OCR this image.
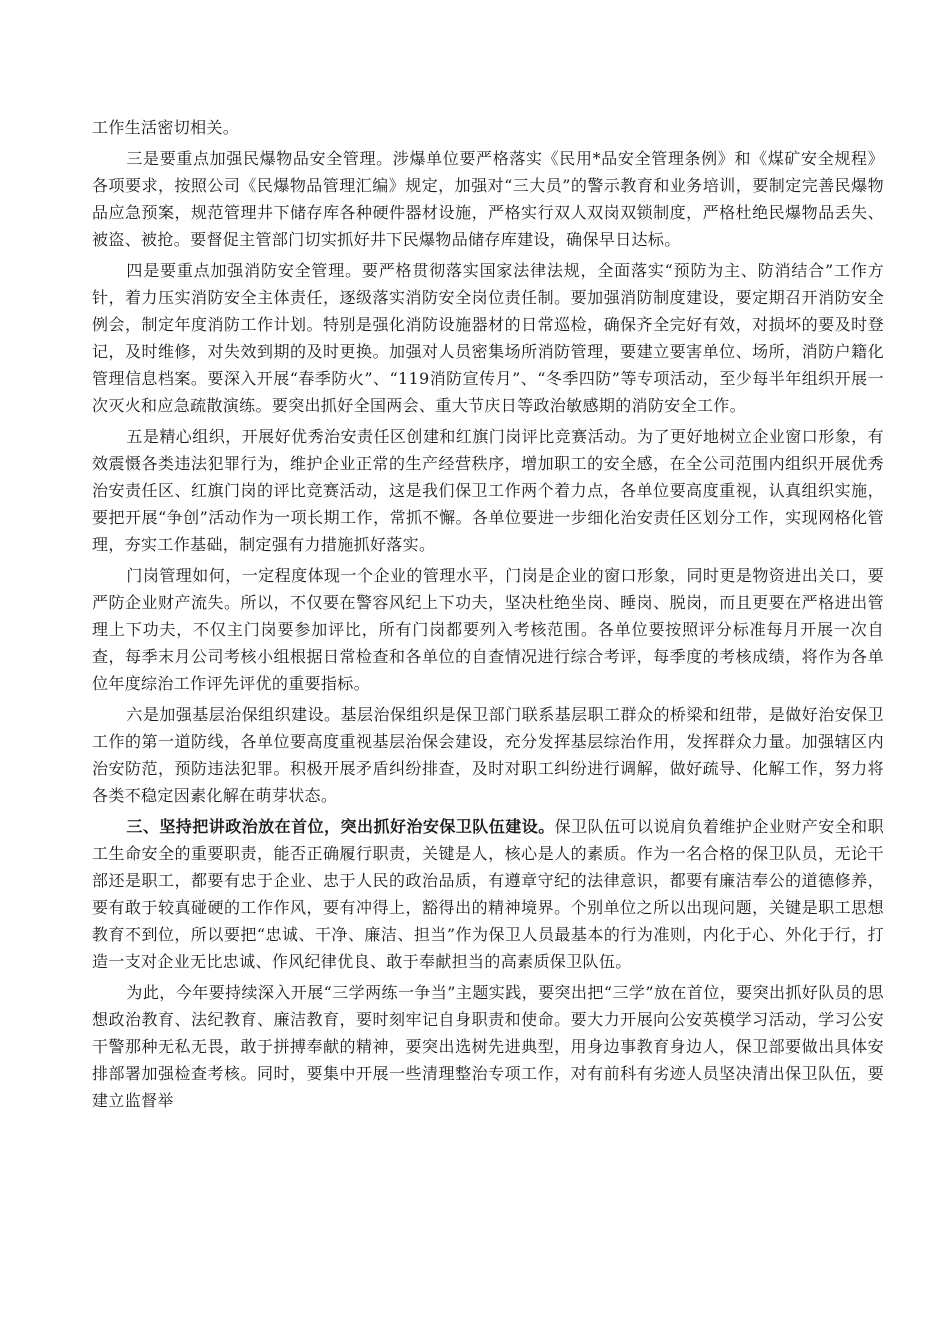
工作生活密切相关。

三是要重点加强民爆物品安全管理。涉爆单位要严格落实《民用*品安全管理条例》和《煤矿安全规程》各项要求，按照公司《民爆物品管理汇编》规定，加强对“三大员”的警示教育和业务培训，要制定完善民爆物品应急预案，规范管理井下储存库各种硬件器材设施，严格实行双人双岗双锁制度，严格杜绝民爆物品丢失、被盗、被抢。要督促主管部门切实抓好井下民爆物品储存库建设，确保早日达标。

四是要重点加强消防安全管理。要严格贯彻落实国家法律法规，全面落实“预防为主、防消结合”工作方针，着力压实消防安全主体责任，逐级落实消防安全岗位责任制。要加强消防制度建设，要定期召开消防安全例会，制定年度消防工作计划。特别是强化消防设施器材的日常巡检，确保齐全完好有效，对损坏的要及时登记，及时维修，对失效到期的及时更换。加强对人员密集场所消防管理，要建立要害单位、场所，消防户籍化管理信息档案。要深入开展“春季防火”、“119消防宣传月”、“冬季四防”等专项活动，至少每半年组织开展一次灭火和应急疏散演练。要突出抓好全国两会、重大节庆日等政治敏感期的消防安全工作。

五是精心组织，开展好优秀治安责任区创建和红旗门岗评比竞赛活动。为了更好地树立企业窗口形象，有效震慑各类违法犯罪行为，维护企业正常的生产经营秩序，增加职工的安全感，在全公司范围内组织开展优秀治安责任区、红旗门岗的评比竞赛活动，这是我们保卫工作两个着力点，各单位要高度重视，认真组织实施，要把开展“争创”活动作为一项长期工作，常抓不懈。各单位要进一步细化治安责任区划分工作，实现网格化管理，夯实工作基础，制定强有力措施抓好落实。

门岗管理如何，一定程度体现一个企业的管理水平，门岗是企业的窗口形象，同时更是物资进出关口，要严防企业财产流失。所以，不仅要在警容风纪上下功夫，坚决杜绝坐岗、睡岗、脱岗，而且更要在严格进出管理上下功夫，不仅主门岗要参加评比，所有门岗都要列入考核范围。各单位要按照评分标准每月开展一次自查，每季末月公司考核小组根据日常检查和各单位的自查情况进行综合考评，每季度的考核成绩，将作为各单位年度综治工作评先评优的重要指标。

六是加强基层治保组织建设。基层治保组织是保卫部门联系基层职工群众的桥梁和纽带，是做好治安保卫工作的第一道防线，各单位要高度重视基层治保会建设，充分发挥基层综治作用，发挥群众力量。加强辖区内治安防范，预防违法犯罪。积极开展矛盾纠纷排查，及时对职工纠纷进行调解，做好疏导、化解工作，努力将各类不稳定因素化解在萌芽状态。

三、坚持把讲政治放在首位，突出抓好治安保卫队伍建设。保卫队伍可以说肩负着维护企业财产安全和职工生命安全的重要职责，能否正确履行职责，关键是人，核心是人的素质。作为一名合格的保卫队员，无论干部还是职工，都要有忠于企业、忠于人民的政治品质，有遵章守纪的法律意识，都要有廉洁奉公的道德修养，要有敢于较真碰硬的工作作风，要有冲得上，豁得出的精神境界。个别单位之所以出现问题，关键是职工思想教育不到位，所以要把“忠诚、干净、廉洁、担当”作为保卫人员最基本的行为准则，内化于心、外化于行，打造一支对企业无比忠诚、作风纪律优良、敢于奉献担当的高素质保卫队伍。

为此，今年要持续深入开展“三学两练一争当”主题实践，要突出把“三学”放在首位，要突出抓好队员的思想政治教育、法纪教育、廉洁教育，要时刻牢记自身职责和使命。要大力开展向公安英模学习活动，学习公安干警那种无私无畏，敢于拼搏奉献的精神，要突出选树先进典型，用身边事教育身边人，保卫部要做出具体安排部署加强检查考核。同时，要集中开展一些清理整治专项工作，对有前科有劣迹人员坚决清出保卫队伍，要建立监督举
